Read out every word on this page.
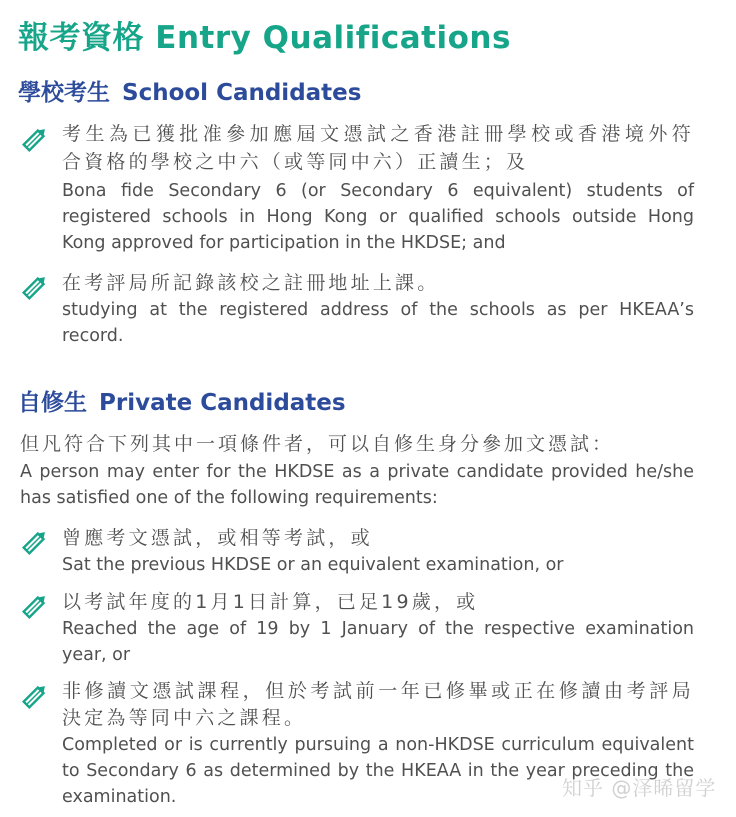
報考資格 Entry Qualifications
學校考生 School Candidates
考生為已獲批准參加應屆文憑試之香港註冊學校或香港境外符
合資格的學校之中六（或等同中六）正讀生；及
Bona fide Secondary 6 (or Secondary 6 equivalent) students of
registered schools in Hong Kong or qualified schools outside Hong
Kong approved for participation in the HKDSE; and
在考評局所記錄該校之註冊地址上課。
studying at the registered address of the schools as per HKEAA’s
record.
自修生 Private Candidates
但凡符合下列其中一項條件者，可以自修生身分參加文憑試：
A person may enter for the HKDSE as a private candidate provided he/she
has satisfied one of the following requirements:
曾應考文憑試，或相等考試，或
Sat the previous HKDSE or an equivalent examination, or
以考試年度的1月1日計算，已足19歲，或
Reached the age of 19 by 1 January of the respective examination
year, or
非修讀文憑試課程，但於考試前一年已修畢或正在修讀由考評局
決定為等同中六之課程。
Completed or is currently pursuing a non-HKDSE curriculum equivalent
to Secondary 6 as determined by the HKEAA in the year preceding the
examination.	知乎 @泽晞留学
